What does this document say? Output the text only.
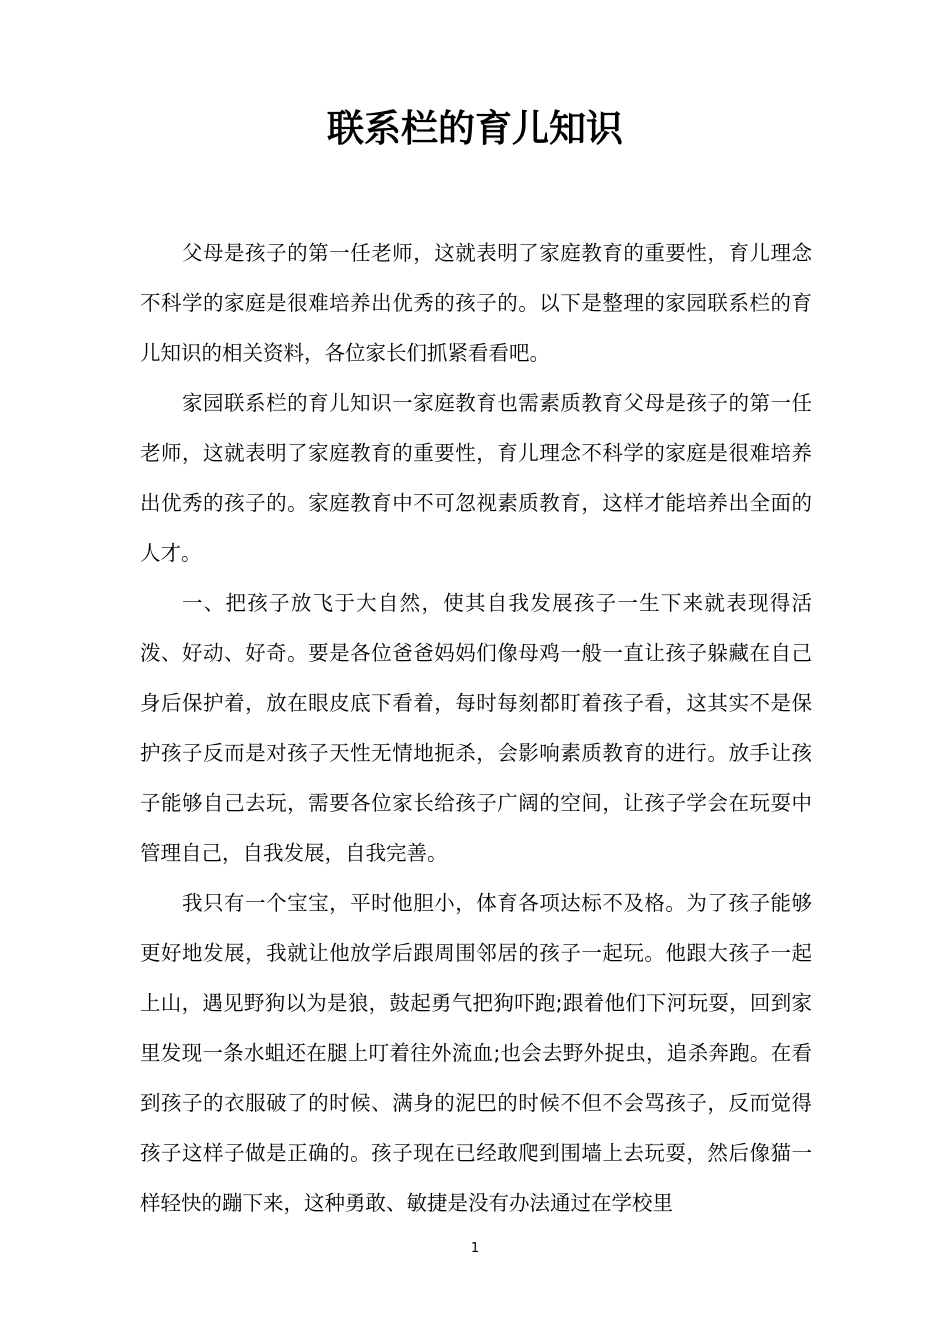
联系栏的育儿知识

父母是孩子的第一任老师，这就表明了家庭教育的重要性，育儿理念不科学的家庭是很难培养出优秀的孩子的。以下是整理的家园联系栏的育儿知识的相关资料，各位家长们抓紧看看吧。

家园联系栏的育儿知识一家庭教育也需素质教育父母是孩子的第一任老师，这就表明了家庭教育的重要性，育儿理念不科学的家庭是很难培养出优秀的孩子的。家庭教育中不可忽视素质教育，这样才能培养出全面的人才。

一、把孩子放飞于大自然，使其自我发展孩子一生下来就表现得活泼、好动、好奇。要是各位爸爸妈妈们像母鸡一般一直让孩子躲藏在自己身后保护着，放在眼皮底下看着，每时每刻都盯着孩子看，这其实不是保护孩子反而是对孩子天性无情地扼杀，会影响素质教育的进行。放手让孩子能够自己去玩，需要各位家长给孩子广阔的空间，让孩子学会在玩耍中管理自己，自我发展，自我完善。

我只有一个宝宝，平时他胆小，体育各项达标不及格。为了孩子能够更好地发展，我就让他放学后跟周围邻居的孩子一起玩。他跟大孩子一起上山，遇见野狗以为是狼，鼓起勇气把狗吓跑;跟着他们下河玩耍，回到家里发现一条水蛆还在腿上叮着往外流血;也会去野外捉虫，追杀奔跑。在看到孩子的衣服破了的时候、满身的泥巴的时候不但不会骂孩子，反而觉得孩子这样子做是正确的。孩子现在已经敢爬到围墙上去玩耍，然后像猫一样轻快的蹦下来，这种勇敢、敏捷是没有办法通过在学校里

1
